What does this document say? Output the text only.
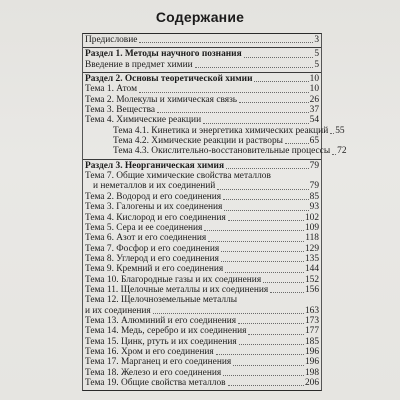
Содержание
Предисловие	3
Раздел 1. Методы научного познания	5
Введение в предмет химии	5
Раздел 2. Основы теоретической химии	10
Тема 1. Атом	10
Тема 2. Молекулы и химическая связь	26
Тема 3. Вещества	37
Тема 4. Химические реакции	54
Тема 4.1. Кинетика и энергетика химических реакций 55
Тема 4.2. Химические реакции и растворы	65
Тема 4.3. Окислительно-восстановительные процессы 72
Раздел 3. Неорганическая химия	79
Тема 7. Общие химические свойства металлов
и неметаллов и их соединений	79
Тема 2. Водород и его соединения	85
Тема 3. Галогены и их соединения	93
Тема 4. Кислород и его соединения	102
Тема 5. Сера и ее соединения	109
Тема 6. Азот и его соединения	118
Тема 7. Фосфор и его соединения	129
Тема 8. Углерод и его соединения	135
Тема 9. Кремний и его соединения	144
Тема 10. Благородные газы и их соединения	152
Тема 11. Щелочные металлы и их соединения	156
Тема 12. Щелочноземельные металлы
и их соединения	163
Тема 13. Алюминий и его соединения	173
Тема 14. Медь, серебро и их соединения	177
Тема 15. Цинк, ртуть и их соединения	185
Тема 16. Хром и его соединения	196
Тема 17. Марганец и его соединения	196
Тема 18. Железо и его соединения	198
Тема 19. Общие свойства металлов	206
